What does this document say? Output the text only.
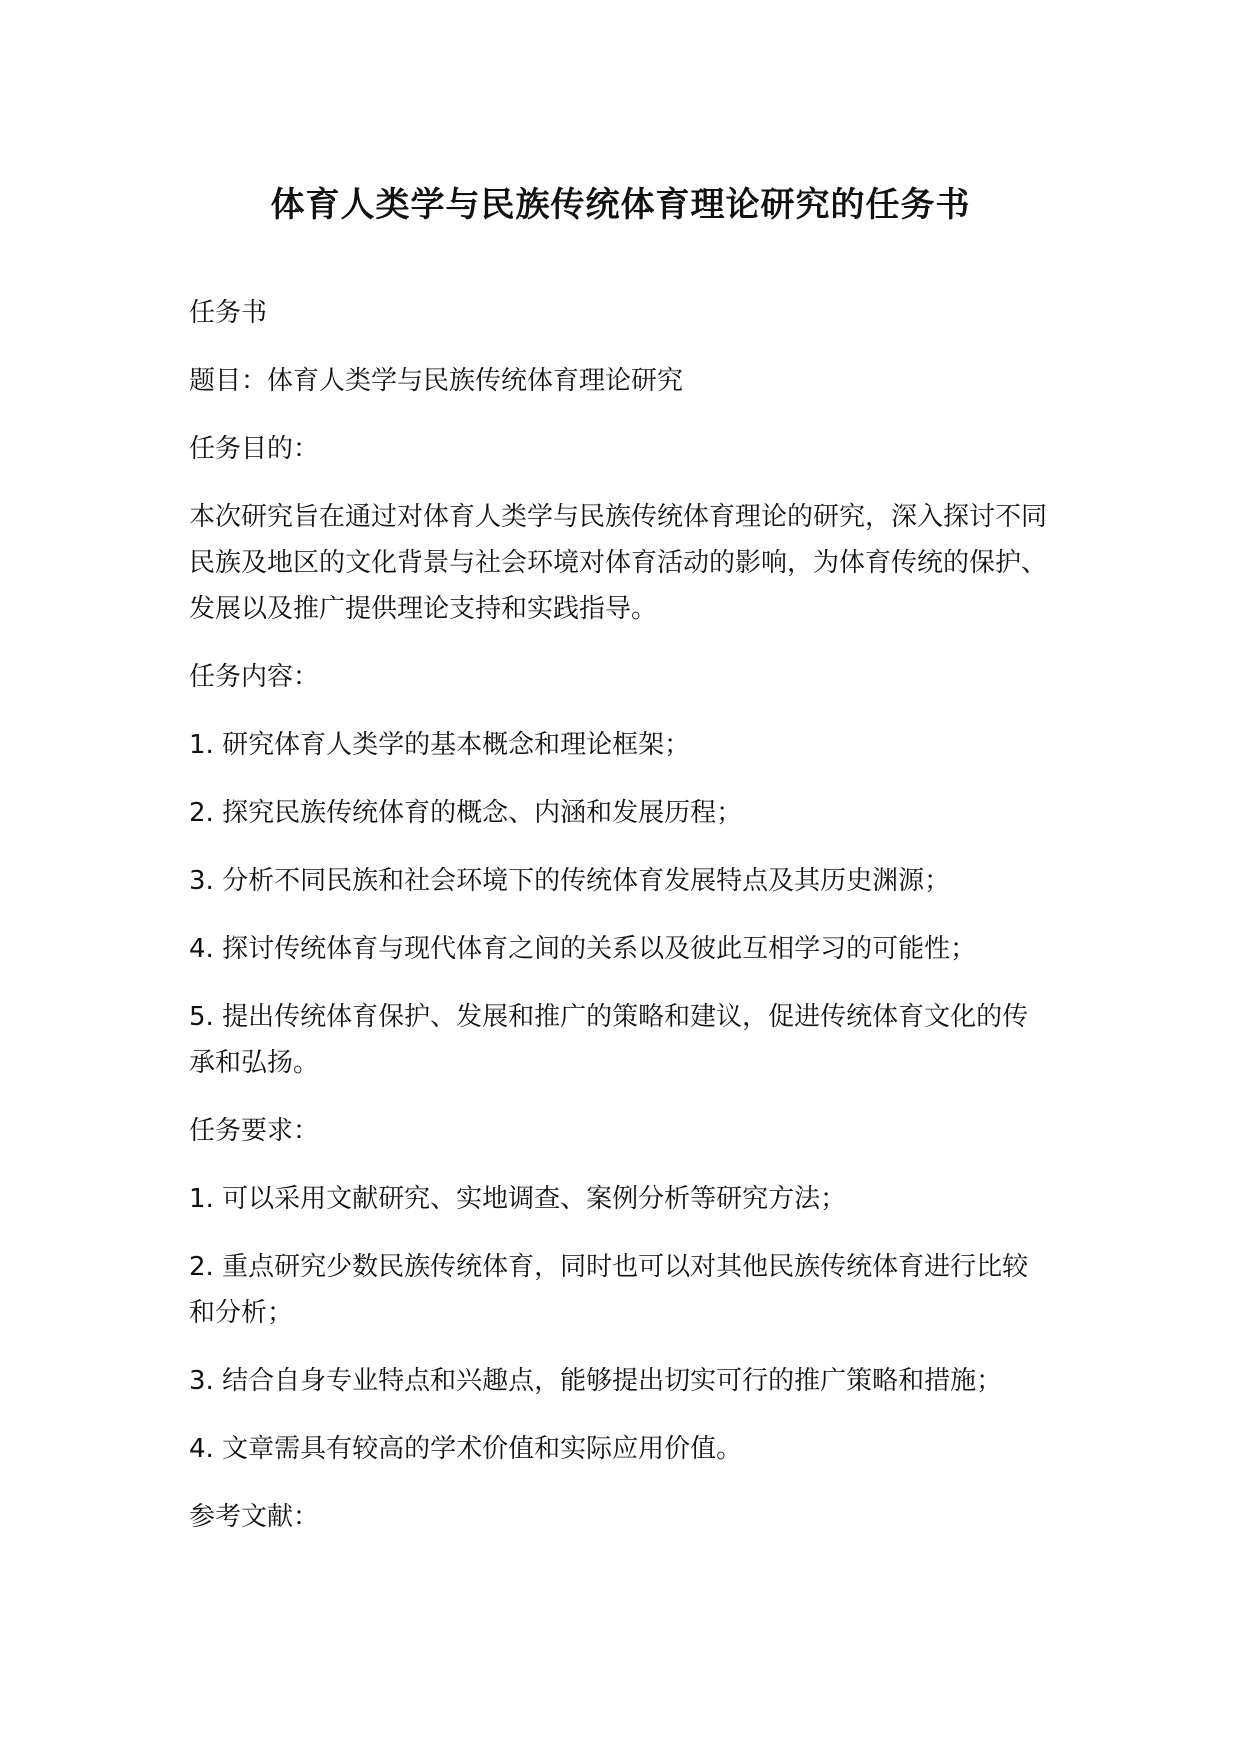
体育人类学与民族传统体育理论研究的任务书

任务书

题目：体育人类学与民族传统体育理论研究

任务目的：

本次研究旨在通过对体育人类学与民族传统体育理论的研究，深入探讨不同民族及地区的文化背景与社会环境对体育活动的影响，为体育传统的保护、发展以及推广提供理论支持和实践指导。

任务内容：

1. 研究体育人类学的基本概念和理论框架；

2. 探究民族传统体育的概念、内涵和发展历程；

3. 分析不同民族和社会环境下的传统体育发展特点及其历史渊源；

4. 探讨传统体育与现代体育之间的关系以及彼此互相学习的可能性；

5. 提出传统体育保护、发展和推广的策略和建议，促进传统体育文化的传承和弘扬。

任务要求：

1. 可以采用文献研究、实地调查、案例分析等研究方法；

2. 重点研究少数民族传统体育，同时也可以对其他民族传统体育进行比较和分析；

3. 结合自身专业特点和兴趣点，能够提出切实可行的推广策略和措施；

4. 文章需具有较高的学术价值和实际应用价值。

参考文献：
